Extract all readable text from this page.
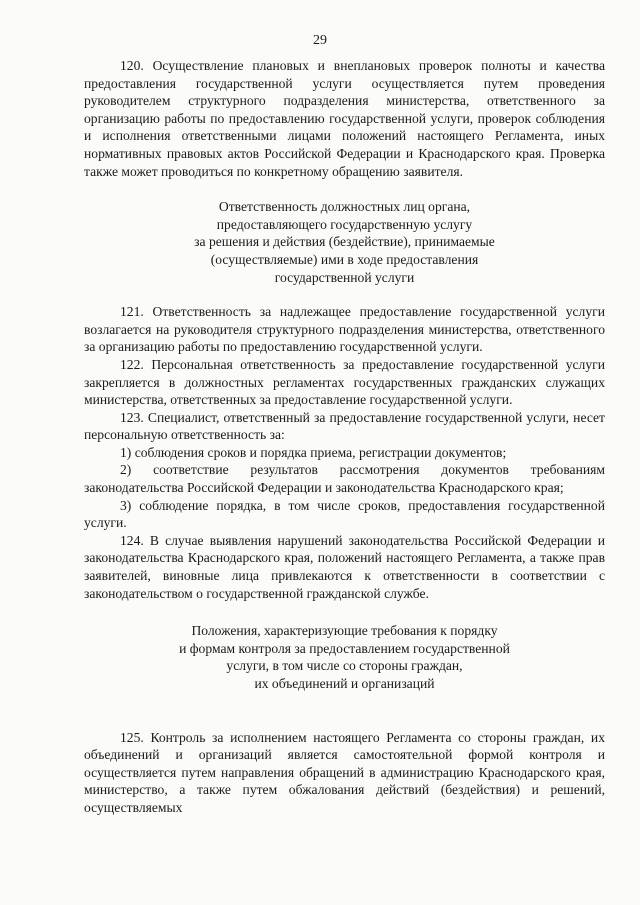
29

120. Осуществление плановых и внеплановых проверок полноты и качества предоставления государственной услуги осуществляется путем проведения руководителем структурного подразделения министерства, ответственного за организацию работы по предоставлению государственной услуги, проверок соблюдения и исполнения ответственными лицами положений настоящего Регламента, иных нормативных правовых актов Российской Федерации и Краснодарского края. Проверка также может проводиться по конкретному обращению заявителя.

Ответственность должностных лиц органа,
предоставляющего государственную услугу
за решения и действия (бездействие), принимаемые
(осуществляемые) ими в ходе предоставления
государственной услуги

121. Ответственность за надлежащее предоставление государственной услуги возлагается на руководителя структурного подразделения министерства, ответственного за организацию работы по предоставлению государственной услуги.

122. Персональная ответственность за предоставление государственной услуги закрепляется в должностных регламентах государственных гражданских служащих министерства, ответственных за предоставление государственной услуги.

123. Специалист, ответственный за предоставление государственной услуги, несет персональную ответственность за:

1) соблюдения сроков и порядка приема, регистрации документов;

2) соответствие результатов рассмотрения документов требованиям законодательства Российской Федерации и законодательства Краснодарского края;

3) соблюдение порядка, в том числе сроков, предоставления государственной услуги.

124. В случае выявления нарушений законодательства Российской Федерации и законодательства Краснодарского края, положений настоящего Регламента, а также прав заявителей, виновные лица привлекаются к ответственности в соответствии с законодательством о государственной гражданской службе.

Положения, характеризующие требования к порядку
и формам контроля за предоставлением государственной
услуги, в том числе со стороны граждан,
их объединений и организаций

125. Контроль за исполнением настоящего Регламента со стороны граждан, их объединений и организаций является самостоятельной формой контроля и осуществляется путем направления обращений в администрацию Краснодарского края, министерство, а также путем обжалования действий (бездействия) и решений, осуществляемых
